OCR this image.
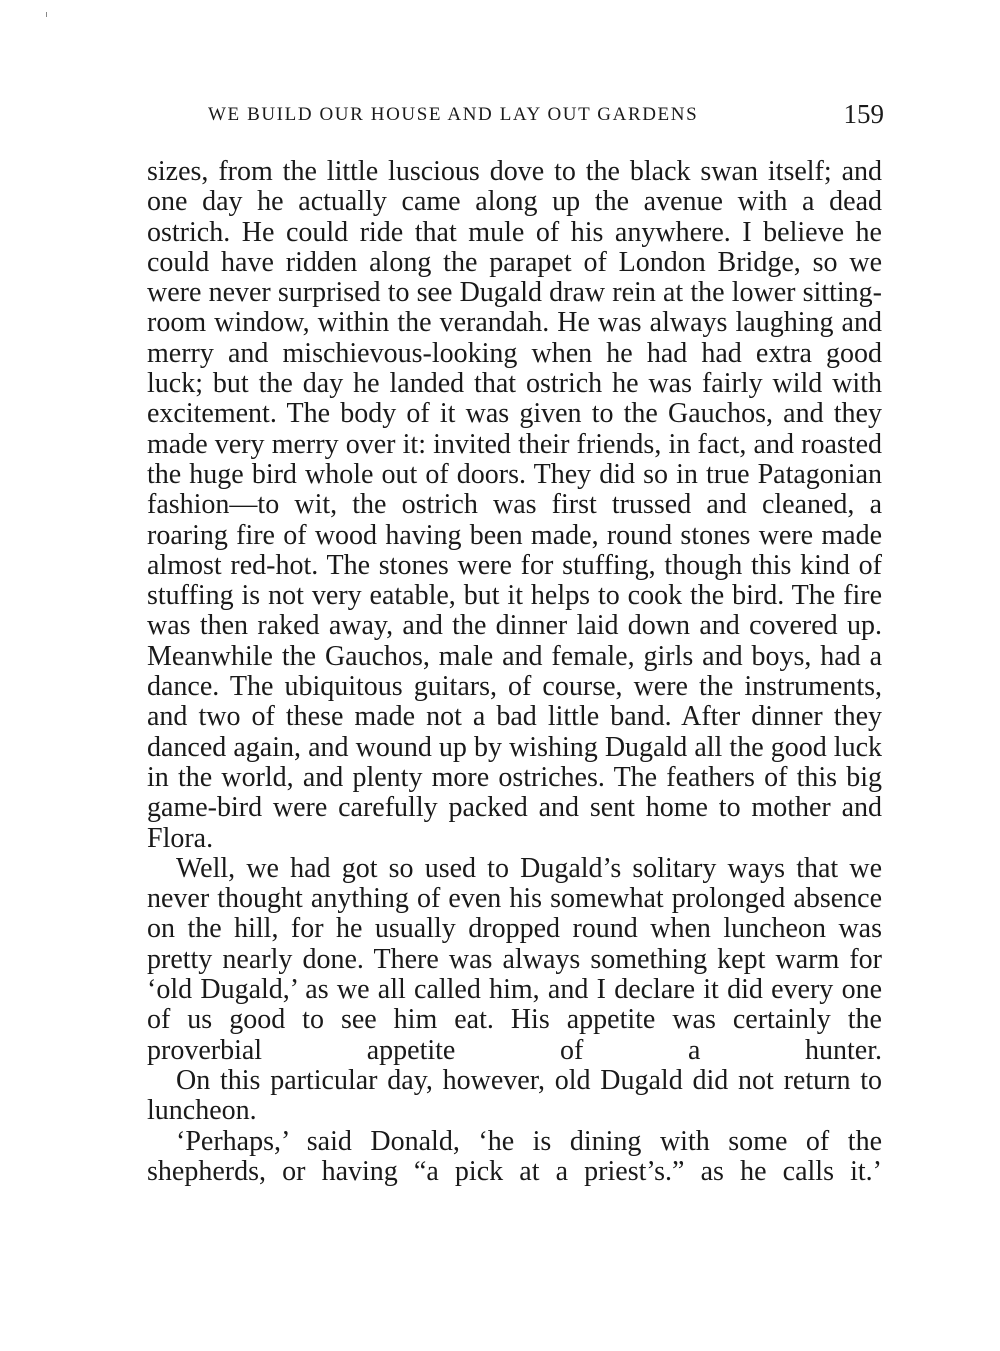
WE BUILD OUR HOUSE AND LAY OUT GARDENS	159

sizes, from the little luscious dove to the black swan itself; and one day he actually came along up the avenue with a dead ostrich. He could ride that mule of his anywhere. I believe he could have ridden along the parapet of London Bridge, so we were never surprised to see Dugald draw rein at the lower sitting-room window, within the verandah. He was always laughing and merry and mischievous-looking when he had had extra good luck; but the day he landed that ostrich he was fairly wild with excitement. The body of it was given to the Gauchos, and they made very merry over it: invited their friends, in fact, and roasted the huge bird whole out of doors. They did so in true Patagonian fashion—to wit, the ostrich was first trussed and cleaned, a roaring fire of wood having been made, round stones were made almost red-hot. The stones were for stuffing, though this kind of stuffing is not very eatable, but it helps to cook the bird. The fire was then raked away, and the dinner laid down and covered up. Meanwhile the Gauchos, male and female, girls and boys, had a dance. The ubiquitous guitars, of course, were the instruments, and two of these made not a bad little band. After dinner they danced again, and wound up by wishing Dugald all the good luck in the world, and plenty more ostriches. The feathers of this big game-bird were carefully packed and sent home to mother and Flora.

Well, we had got so used to Dugald’s solitary ways that we never thought anything of even his somewhat prolonged absence on the hill, for he usually dropped round when luncheon was pretty nearly done. There was always something kept warm for ‘old Dugald,’ as we all called him, and I declare it did every one of us good to see him eat. His appetite was certainly the proverbial appetite of a hunter.

On this particular day, however, old Dugald did not return to luncheon.

‘Perhaps,’ said Donald, ‘he is dining with some of the shepherds, or having “a pick at a priest’s.” as he calls it.’
